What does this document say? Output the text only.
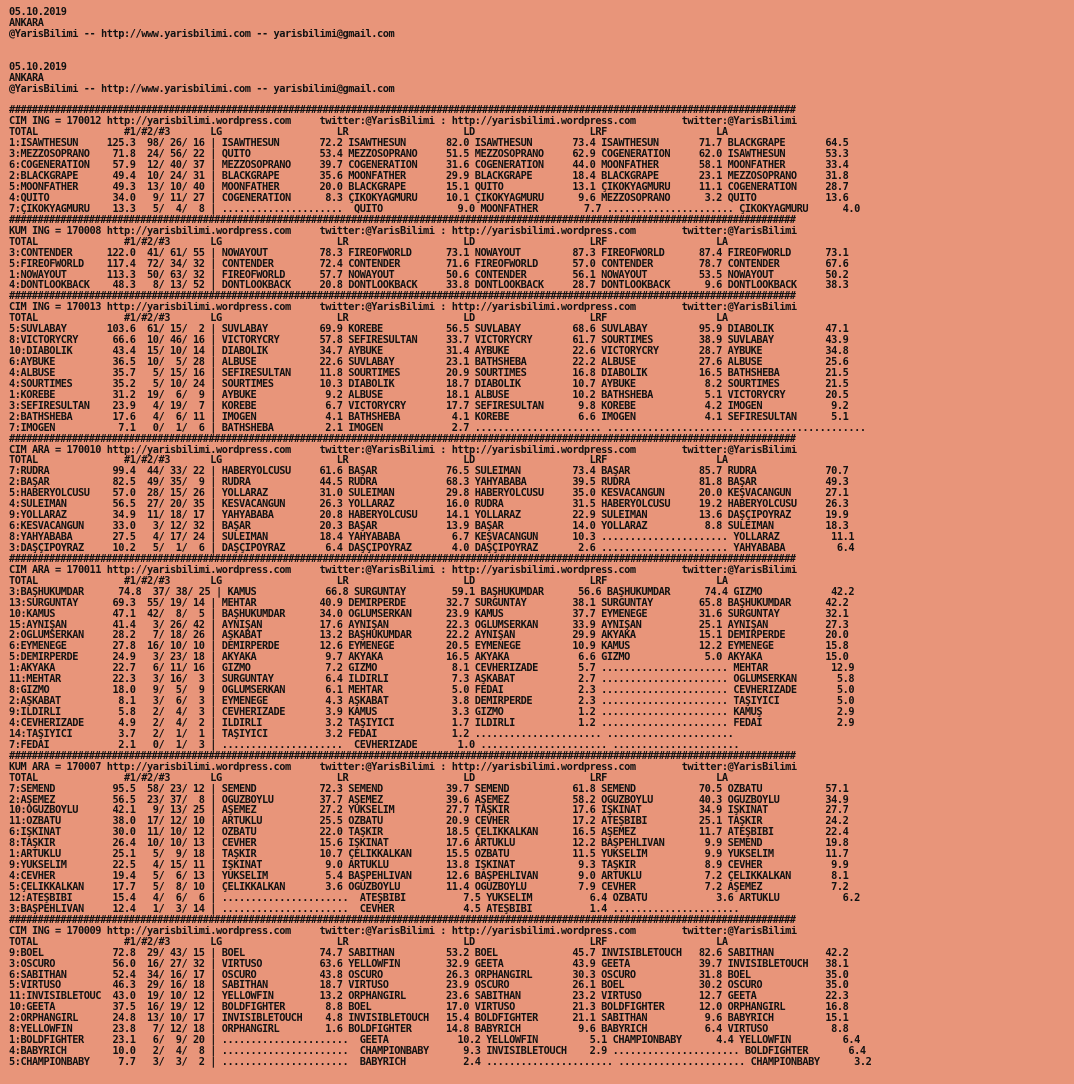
05.10.2019
ANKARA
@YarisBilimi -- http://www.yarisbilimi.com -- yarisbilimi@gmail.com

05.10.2019
ANKARA
@YarisBilimi -- http://www.yarisbilimi.com -- yarisbilimi@gmail.com

##########################################################################################################################################
CIM ING = 170012 http://yarisbilimi.wordpress.com     twitter:@YarisBilimi : http://yarisbilimi.wordpress.com        twitter:@YarisBilimi
TOTAL               #1/#2/#3       LG                    LR                    LD                    LRF                   LA
1:ISAWTHESUN     125.3  98/ 26/ 16 | ISAWTHESUN       72.2 ISAWTHESUN       82.0 ISAWTHESUN       73.4 ISAWTHESUN       71.7 BLACKGRAPE       64.5
3:MEZZOSOPRANO    71.8  24/ 56/ 22 | QUITO            53.4 MEZZOSOPRANO     51.5 MEZZOSOPRANO     62.9 COGENERATION     62.0 ISAWTHESUN       53.3
6:COGENERATION    57.9  12/ 40/ 37 | MEZZOSOPRANO     39.7 COGENERATION     31.6 COGENERATION     44.0 MOONFATHER       58.1 MOONFATHER       33.4
2:BLACKGRAPE      49.4  10/ 24/ 31 | BLACKGRAPE       35.6 MOONFATHER       29.9 BLACKGRAPE       18.4 BLACKGRAPE       23.1 MEZZOSOPRANO     31.8
5:MOONFATHER      49.3  13/ 10/ 40 | MOONFATHER       20.0 BLACKGRAPE       15.1 QUITO            13.1 ÇIKOKYAĞMURU     11.1 COGENERATION     28.7
4:QUITO           34.0   9/ 11/ 27 | COGENERATION      8.3 ÇIKOKYAĞMURU     10.1 ÇIKOKYAĞMURU      9.6 MEZZOSOPRANO      3.2 QUITO            13.6
7:ÇIKOKYAĞMURU    13.3   5/  4/  8 | .....................  QUITO             9.0 MOONFATHER        7.7 ...................... ÇIKOKYAĞMURU      4.0
##########################################################################################################################################
KUM ING = 170008 http://yarisbilimi.wordpress.com     twitter:@YarisBilimi : http://yarisbilimi.wordpress.com        twitter:@YarisBilimi
TOTAL               #1/#2/#3       LG                    LR                    LD                    LRF                   LA
3:CONTENDER      122.0  41/ 61/ 55 | NOWAYOUT         78.3 FIREOFWORLD      73.1 NOWAYOUT         87.3 FIREOFWORLD      87.4 FIREOFWORLD      73.1
5:FIREOFWORLD    117.4  72/ 34/ 32 | CONTENDER        72.4 CONTENDER        71.6 FIREOFWORLD      57.0 CONTENDER        78.7 CONTENDER        67.6
1:NOWAYOUT       113.3  50/ 63/ 32 | FIREOFWORLD      57.7 NOWAYOUT         50.6 CONTENDER        56.1 NOWAYOUT         53.5 NOWAYOUT         50.2
4:DONTLOOKBACK    48.3   8/ 13/ 52 | DONTLOOKBACK     20.8 DONTLOOKBACK     33.8 DONTLOOKBACK     28.7 DONTLOOKBACK      9.6 DONTLOOKBACK     38.3
##########################################################################################################################################
CIM ING = 170013 http://yarisbilimi.wordpress.com     twitter:@YarisBilimi : http://yarisbilimi.wordpress.com        twitter:@YarisBilimi
TOTAL               #1/#2/#3       LG                    LR                    LD                    LRF                   LA
5:SUVLABAY       103.6  61/ 15/  2 | SUVLABAY         69.9 KOREBE           56.5 SUVLABAY         68.6 SUVLABAY         95.9 DİABOLİK         47.1
8:VICTORYCRY      66.6  10/ 46/ 16 | VICTORYCRY       57.8 SEFİRESULTAN     33.7 VICTORYCRY       61.7 SOURTIMES        38.9 SUVLABAY         43.9
10:DİABOLİK       43.4  15/ 10/ 14 | DİABOLİK         34.7 AYBÜKE           31.4 AYBÜKE           22.6 VICTORYCRY       28.7 AYBÜKE           34.8
6:AYBÜKE          36.5  10/  5/ 28 | ALBUSE           22.6 SUVLABAY         23.1 BATHSHEBA        22.2 ALBUSE           27.6 ALBUSE           25.6
4:ALBUSE          35.7   5/ 15/ 16 | SEFİRESULTAN     11.8 SOURTIMES        20.9 SOURTIMES        16.8 DİABOLİK         16.5 BATHSHEBA        21.5
4:SOURTIMES       35.2   5/ 10/ 24 | SOURTIMES        10.3 DİABOLİK         18.7 DİABOLİK         10.7 AYBÜKE            8.2 SOURTIMES        21.5
1:KOREBE          31.2  19/  6/  9 | AYBÜKE            9.2 ALBUSE           18.1 ALBUSE           10.2 BATHSHEBA         5.1 VICTORYCRY       20.5
3:SEFİRESULTAN    23.9   4/ 19/  7 | KOREBE            6.7 VICTORYCRY       17.7 SEFİRESULTAN      9.8 KOREBE            4.2 IMOGEN            9.2
2:BATHSHEBA       17.6   4/  6/ 11 | IMOGEN            4.1 BATHSHEBA         4.1 KOREBE            6.6 IMOGEN            4.1 SEFİRESULTAN      5.1
7:IMOGEN           7.1   0/  1/  6 | BATHSHEBA         2.1 IMOGEN            2.7 ...................... ...................... ......................
##########################################################################################################################################
CIM ARA = 170010 http://yarisbilimi.wordpress.com     twitter:@YarisBilimi : http://yarisbilimi.wordpress.com        twitter:@YarisBilimi
TOTAL               #1/#2/#3       LG                    LR                    LD                    LRF                   LA
7:RUDRA           99.4  44/ 33/ 22 | HABERYOLCUSU     61.6 BAŞAR            76.5 SULEIMAN         73.4 BAŞAR            85.7 RUDRA            70.7
2:BAŞAR           82.5  49/ 35/  9 | RUDRA            44.5 RUDRA            68.3 YAHYABABA        39.5 RUDRA            81.8 BAŞAR            49.3
5:HABERYOLCUSU    57.0  28/ 15/ 26 | YOLLARAZ         31.0 SULEIMAN         29.8 HABERYOLCUSU     35.0 KESVACANGÜN      20.0 KEŞVACANGÜN      27.1
4:SULEIMAN        56.5  27/ 20/ 35 | KESVACANGÜN      26.3 YOLLARAZ         16.0 RUDRA            31.5 HABERYOLCUSU     19.2 HABERYOLCUSU     26.3
9:YOLLARAZ        34.9  11/ 18/ 17 | YAHYABABA        20.8 HABERYOLCUSU     14.1 YOLLARAZ         22.9 SULEIMAN         13.6 DAŞÇIPOYRAZ      19.9
6:KESVACANGÜN     33.0   3/ 12/ 32 | BAŞAR            20.3 BAŞAR            13.9 BAŞAR            14.0 YOLLARAZ          8.8 SULEIMAN         18.3
8:YAHYABABA       27.5   4/ 17/ 24 | SULEIMAN         18.4 YAHYABABA         6.7 KEŞVACANGÜN      10.3 ...................... YOLLARAZ         11.1
3:DAŞÇIPOYRAZ     10.2   5/  1/  6 | DAŞÇIPOYRAZ       6.4 DAŞÇIPOYRAZ       4.0 DAŞÇIPOYRAZ       2.6 ...................... YAHYABABA         6.4
##########################################################################################################################################
CIM ARA = 170011 http://yarisbilimi.wordpress.com     twitter:@YarisBilimi : http://yarisbilimi.wordpress.com        twitter:@YarisBilimi
TOTAL               #1/#2/#3       LG                    LR                    LD                    LRF                   LA
3:BAŞHÜKÜMDAR      74.8  37/ 38/ 25 | KAMUS            66.8 SURGUNTAY        59.1 BAŞHÜKÜMDAR      56.6 BAŞHÜKÜMDAR      74.4 GİZMO            42.2
13:SURGUNTAY      69.3  55/ 19/ 14 | MEHTAR           40.9 DEMİRPERDE       32.7 SURGUNTAY        38.1 SURGUNTAY        65.8 BAŞHÜKÜMDAR      42.2
10:KAMUS          47.1  42/  8/  5 | BAŞHÜKÜMDAR      34.0 OGLUMSERKAN      23.9 KAMUS            37.7 EYMENEGE         31.6 SURGUNTAY        32.1
15:AYNİŞAN        41.4   3/ 26/ 42 | AYNİŞAN          17.6 AYNİŞAN          22.3 OGLUMSERKAN      33.9 AYNİŞAN          25.1 AYNİŞAN          27.3
2:OGLUMSERKAN     28.2   7/ 18/ 26 | AŞKABAT          13.2 BAŞHÜKÜMDAR      22.2 AYNİŞAN          29.9 AKYAKA           15.1 DEMİRPERDE       20.0
6:EYMENEGE        27.8  16/ 10/ 10 | DEMİRPERDE       12.6 EYMENEGE         20.5 EYMENEGE         10.9 KAMUS            12.2 EYMENEGE         15.8
5:DEMİRPERDE      24.9   3/ 23/ 18 | AKYAKA            9.7 AKYAKA           16.5 AKYAKA            6.6 GİZMO             5.0 AKYAKA           15.0
1:AKYAKA          22.7   6/ 11/ 16 | GİZMO             7.2 GİZMO             8.1 CEVHERİZADE       5.7 ...................... MEHTAR           12.9
11:MEHTAR         22.3   3/ 16/  3 | SURGUNTAY         6.4 İLDIRLI           7.3 AŞKABAT           2.7 ...................... OGLUMSERKAN       5.8
8:GİZMO           18.0   9/  5/  9 | OGLUMSERKAN       6.1 MEHTAR            5.0 FEDAİ             2.3 ...................... CEVHERİZADE       5.0
2:AŞKABAT          8.1   3/  6/  3 | EYMENEGE          4.3 AŞKABAT           3.8 DEMİRPERDE        2.3 ...................... TAŞIYICI          5.0
9:İLDIRLI          5.8   2/  4/  3 | CEVHERİZADE       3.9 KAMUS             3.3 GİZMO             1.2 ...................... KAMUŞ             2.9
4:CEVHERİZADE      4.9   2/  4/  2 | İLDIRLI           3.2 TAŞIYICI          1.7 İLDIRLI           1.2 ...................... FEDAİ             2.9
14:TAŞIYICI        3.7   2/  1/  1 | TAŞIYICI          3.2 FEDAİ             1.2 ...................... ......................
7:FEDAİ            2.1   0/  1/  3 | .....................  CEVHERİZADE       1.0 ...................... ......................
##########################################################################################################################################
KUM ARA = 170007 http://yarisbilimi.wordpress.com     twitter:@YarisBilimi : http://yarisbilimi.wordpress.com        twitter:@YarisBilimi
TOTAL               #1/#2/#3       LG                    LR                    LD                    LRF                   LA
7:SEMEND          95.5  58/ 23/ 12 | SEMEND           72.3 SEMEND           39.7 SEMEND           61.8 SEMEND           70.5 ÖZBATU           57.1
2:AŞEMEZ          56.5  23/ 37/  8 | OGUZBOYLU        37.7 AŞEMEZ           39.6 AŞEMEZ           58.2 OGUZBOYLU        40.3 OGUZBOYLU        34.9
10:ÖGUZBOYLU      42.1   9/ 13/ 25 | AŞEMEZ           27.2 YÜKSELİM         27.7 TAŞKIR           17.6 IŞKINAT          34.9 IŞKINAT          27.7
11:ÖZBATU         38.0  17/ 12/ 10 | ARTUKLU          25.5 ÖZBATU           20.9 CEVHER           17.2 ATEŞBİBİ         25.1 TAŞKIR           24.2
6:IŞKINAT         30.0  11/ 10/ 12 | ÖZBATU           22.0 TAŞKIR           18.5 ÇELİKKALKAN      16.5 AŞEMEZ           11.7 ATEŞBİBİ         22.4
8:TAŞKIR          26.4  10/ 10/ 13 | CEVHER           15.6 IŞKINAT          17.6 ARTUKLU          12.2 BAŞPEHLİVAN       9.9 SEMEND           19.8
1:ARTUKLU         25.1   5/  9/ 18 | TAŞKIR           10.7 ÇELİKKALKAN      15.5 ÖZBATU           11.5 YÜKSELİM          9.9 YÜKSELİM         11.7
9:YÜKSELİM        22.5   4/ 15/ 11 | IŞKINAT           9.0 ARTUKLU          13.8 IŞKINAT           9.3 TAŞKIR            8.9 CEVHER            9.9
4:CEVHER          19.4   5/  6/ 13 | YÜKSELİM          5.4 BAŞPEHLİVAN      12.6 BAŞPEHLİVAN       9.0 ARTUKLU           7.2 ÇELİKKALKAN       8.1
5:ÇELİKKALKAN     17.7   5/  8/ 10 | ÇELİKKALKAN       3.6 OGUZBOYLU        11.4 OGUZBOYLU         7.9 CEVHER            7.2 AŞEMEZ            7.2
12:ATEŞBİBİ       15.4   4/  6/  6 | ......................  ATEŞBİBİ          7.5 YÜKSELİM          6.4 ÖZBATU            3.6 ARTUKLU           6.2
3:BAŞPEHLİVAN     12.4   1/  3/ 14 | ......................  CEVHER            4.5 ATEŞBİBİ          1.4 ......................
##########################################################################################################################################
CIM ING = 170009 http://yarisbilimi.wordpress.com     twitter:@YarisBilimi : http://yarisbilimi.wordpress.com        twitter:@YarisBilimi
TOTAL               #1/#2/#3       LG                    LR                    LD                    LRF                   LA
9:BOEL            72.8  29/ 43/ 15 | BOEL             74.7 SABİTHAN         53.2 BOEL             45.7 INVISIBLETOUCH   82.6 SABİTHAN         42.2
3:OSCURO          56.0  16/ 27/ 32 | VIRTUSO          63.6 YELLOWFIN        32.9 GEETA            43.9 GEETA            39.7 INVISIBLETOUCH   38.1
6:SABİTHAN        52.4  34/ 16/ 17 | OSCURO           43.8 OSCURO           26.3 ORPHANGIRL       30.3 OSCURO           31.8 BOEL             35.0
5:VIRTUSO         46.3  29/ 16/ 18 | SABİTHAN         18.7 VIRTUSO          23.9 OSCURO           26.1 BOEL             30.2 OSCURO           35.0
11:INVISIBLETOUC  43.0  19/ 10/ 12 | YELLOWFIN        13.2 ORPHANGIRL       23.6 SABİTHAN         23.2 VIRTUSO          12.7 GEETA            22.3
10:GEETA          37.5  16/ 19/ 12 | BOLDFIGHTER       8.8 BOEL             17.0 VIRTUSO          21.3 BOLDFIGHTER      12.0 ORPHANGIRL       16.8
2:ORPHANGIRL      24.8  13/ 10/ 17 | INVISIBLETOUCH    4.8 INVISIBLETOUCH   15.4 BOLDFIGHTER      21.1 SABİTHAN          9.6 BABYRICH         15.1
8:YELLOWFIN       23.8   7/ 12/ 18 | ORPHANGIRL        1.6 BOLDFIGHTER      14.8 BABYRICH          9.6 BABYRICH          6.4 VIRTUSO           8.8
1:BOLDFIGHTER     23.1   6/  9/ 20 | ......................  GEETA            10.2 YELLOWFIN         5.1 CHAMPIONBABY      4.4 YELLOWFIN         6.4
4:BABYRICH        10.0   2/  4/  8 | ......................  CHAMPIONBABY      9.3 INVISIBLETOUCH    2.9 ...................... BOLDFIGHTER       6.4
5:CHAMPIONBABY     7.7   3/  3/  2 | ......................  BABYRICH          2.4 ...................... ...................... CHAMPIONBABY      3.2
